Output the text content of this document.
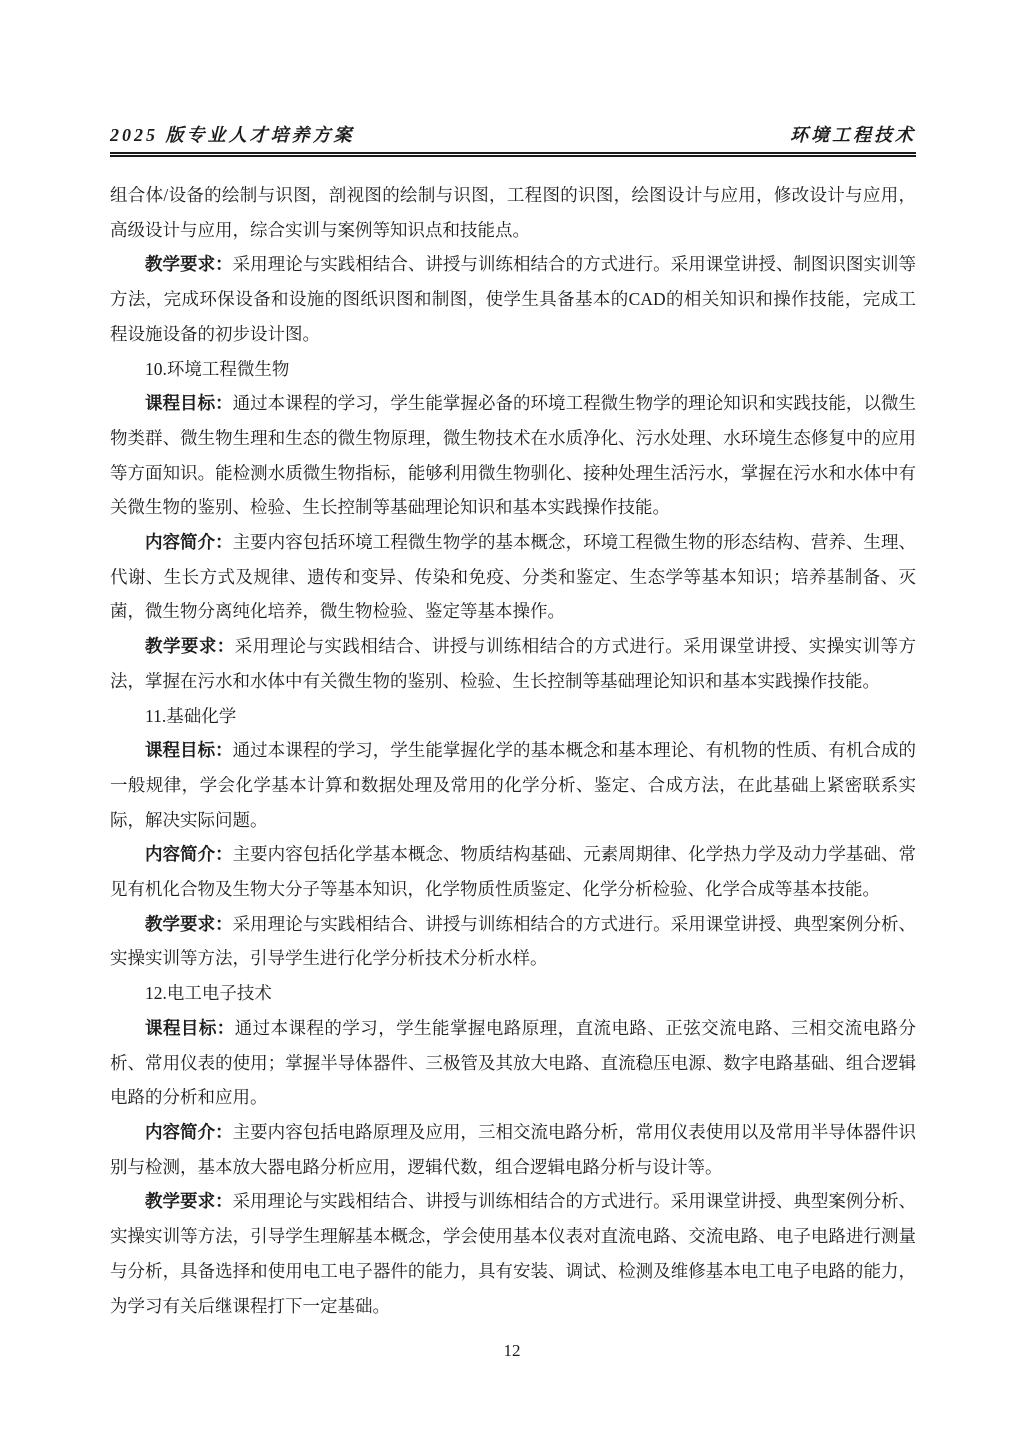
2025 版专业人才培养方案	环境工程技术

组合体/设备的绘制与识图，剖视图的绘制与识图，工程图的识图，绘图设计与应用，修改设计与应用，高级设计与应用，综合实训与案例等知识点和技能点。

教学要求：采用理论与实践相结合、讲授与训练相结合的方式进行。采用课堂讲授、制图识图实训等方法，完成环保设备和设施的图纸识图和制图，使学生具备基本的CAD的相关知识和操作技能，完成工程设施设备的初步设计图。

10.环境工程微生物

课程目标：通过本课程的学习，学生能掌握必备的环境工程微生物学的理论知识和实践技能，以微生物类群、微生物生理和生态的微生物原理，微生物技术在水质净化、污水处理、水环境生态修复中的应用等方面知识。能检测水质微生物指标，能够利用微生物驯化、接种处理生活污水，掌握在污水和水体中有关微生物的鉴别、检验、生长控制等基础理论知识和基本实践操作技能。

内容简介：主要内容包括环境工程微生物学的基本概念，环境工程微生物的形态结构、营养、生理、代谢、生长方式及规律、遗传和变异、传染和免疫、分类和鉴定、生态学等基本知识；培养基制备、灭菌，微生物分离纯化培养，微生物检验、鉴定等基本操作。

教学要求：采用理论与实践相结合、讲授与训练相结合的方式进行。采用课堂讲授、实操实训等方法，掌握在污水和水体中有关微生物的鉴别、检验、生长控制等基础理论知识和基本实践操作技能。

11.基础化学

课程目标：通过本课程的学习，学生能掌握化学的基本概念和基本理论、有机物的性质、有机合成的一般规律，学会化学基本计算和数据处理及常用的化学分析、鉴定、合成方法，在此基础上紧密联系实际，解决实际问题。

内容简介：主要内容包括化学基本概念、物质结构基础、元素周期律、化学热力学及动力学基础、常见有机化合物及生物大分子等基本知识，化学物质性质鉴定、化学分析检验、化学合成等基本技能。

教学要求：采用理论与实践相结合、讲授与训练相结合的方式进行。采用课堂讲授、典型案例分析、实操实训等方法，引导学生进行化学分析技术分析水样。

12.电工电子技术

课程目标：通过本课程的学习，学生能掌握电路原理，直流电路、正弦交流电路、三相交流电路分析、常用仪表的使用；掌握半导体器件、三极管及其放大电路、直流稳压电源、数字电路基础、组合逻辑电路的分析和应用。

内容简介：主要内容包括电路原理及应用，三相交流电路分析，常用仪表使用以及常用半导体器件识别与检测，基本放大器电路分析应用，逻辑代数，组合逻辑电路分析与设计等。

教学要求：采用理论与实践相结合、讲授与训练相结合的方式进行。采用课堂讲授、典型案例分析、实操实训等方法，引导学生理解基本概念，学会使用基本仪表对直流电路、交流电路、电子电路进行测量与分析，具备选择和使用电工电子器件的能力，具有安装、调试、检测及维修基本电工电子电路的能力，为学习有关后继课程打下一定基础。

12
